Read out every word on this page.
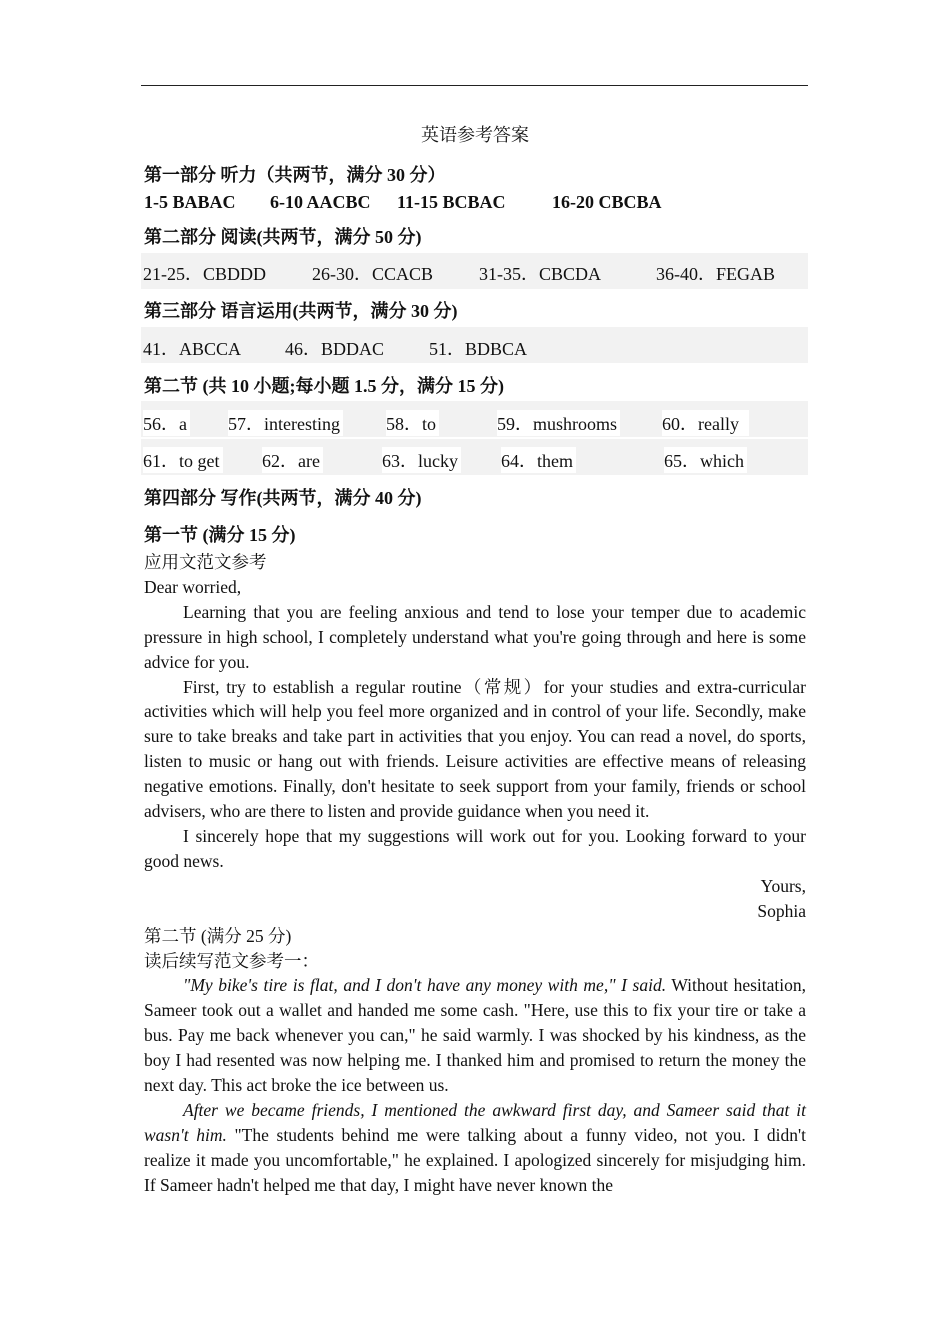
英语参考答案
第一部分 听力（共两节，满分 30 分）
1-5 BABAC 6-10 AACBC 11-15 BCBAC	16-20 CBCBA
第二部分 阅读(共两节，满分 50 分)
21-25．CBDDD	26-30．CCACB	31-35．CBCDA	36-40．FEGAB
第三部分 语言运用(共两节，满分 30 分)
41．ABCCA 46．BDDAC 51．BDBCA
第二节 (共 10 小题;每小题 1.5 分，满分 15 分)
56．a 57．interesting	58．to	59．mushrooms 60．really
61．to get 62．are	63．lucky 64．them	65．which
第四部分 写作(共两节，满分 40 分)
第一节 (满分 15 分)

应用文范文参考

Dear worried,

Learning that you are feeling anxious and tend to lose your temper due to academic pressure in high school, I completely understand what you're going through and here is some advice for you.

First, try to establish a regular routine（常规）for your studies and extra-curricular activities which will help you feel more organized and in control of your life. Secondly, make sure to take breaks and take part in activities that you enjoy. You can read a novel, do sports, listen to music or hang out with friends. Leisure activities are effective means of releasing negative emotions. Finally, don't hesitate to seek support from your family, friends or school advisers, who are there to listen and provide guidance when you need it.

I sincerely hope that my suggestions will work out for you. Looking forward to your good news.

Yours,

Sophia

第二节 (满分 25 分)

读后续写范文参考一：

"My bike's tire is flat, and I don't have any money with me," I said. Without hesitation, Sameer took out a wallet and handed me some cash. "Here, use this to fix your tire or take a bus. Pay me back whenever you can," he said warmly. I was shocked by his kindness, as the boy I had resented was now helping me. I thanked him and promised to return the money the next day. This act broke the ice between us.

After we became friends, I mentioned the awkward first day, and Sameer said that it wasn't him. "The students behind me were talking about a funny video, not you. I didn't realize it made you uncomfortable," he explained. I apologized sincerely for misjudging him. If Sameer hadn't helped me that day, I might have never known the
